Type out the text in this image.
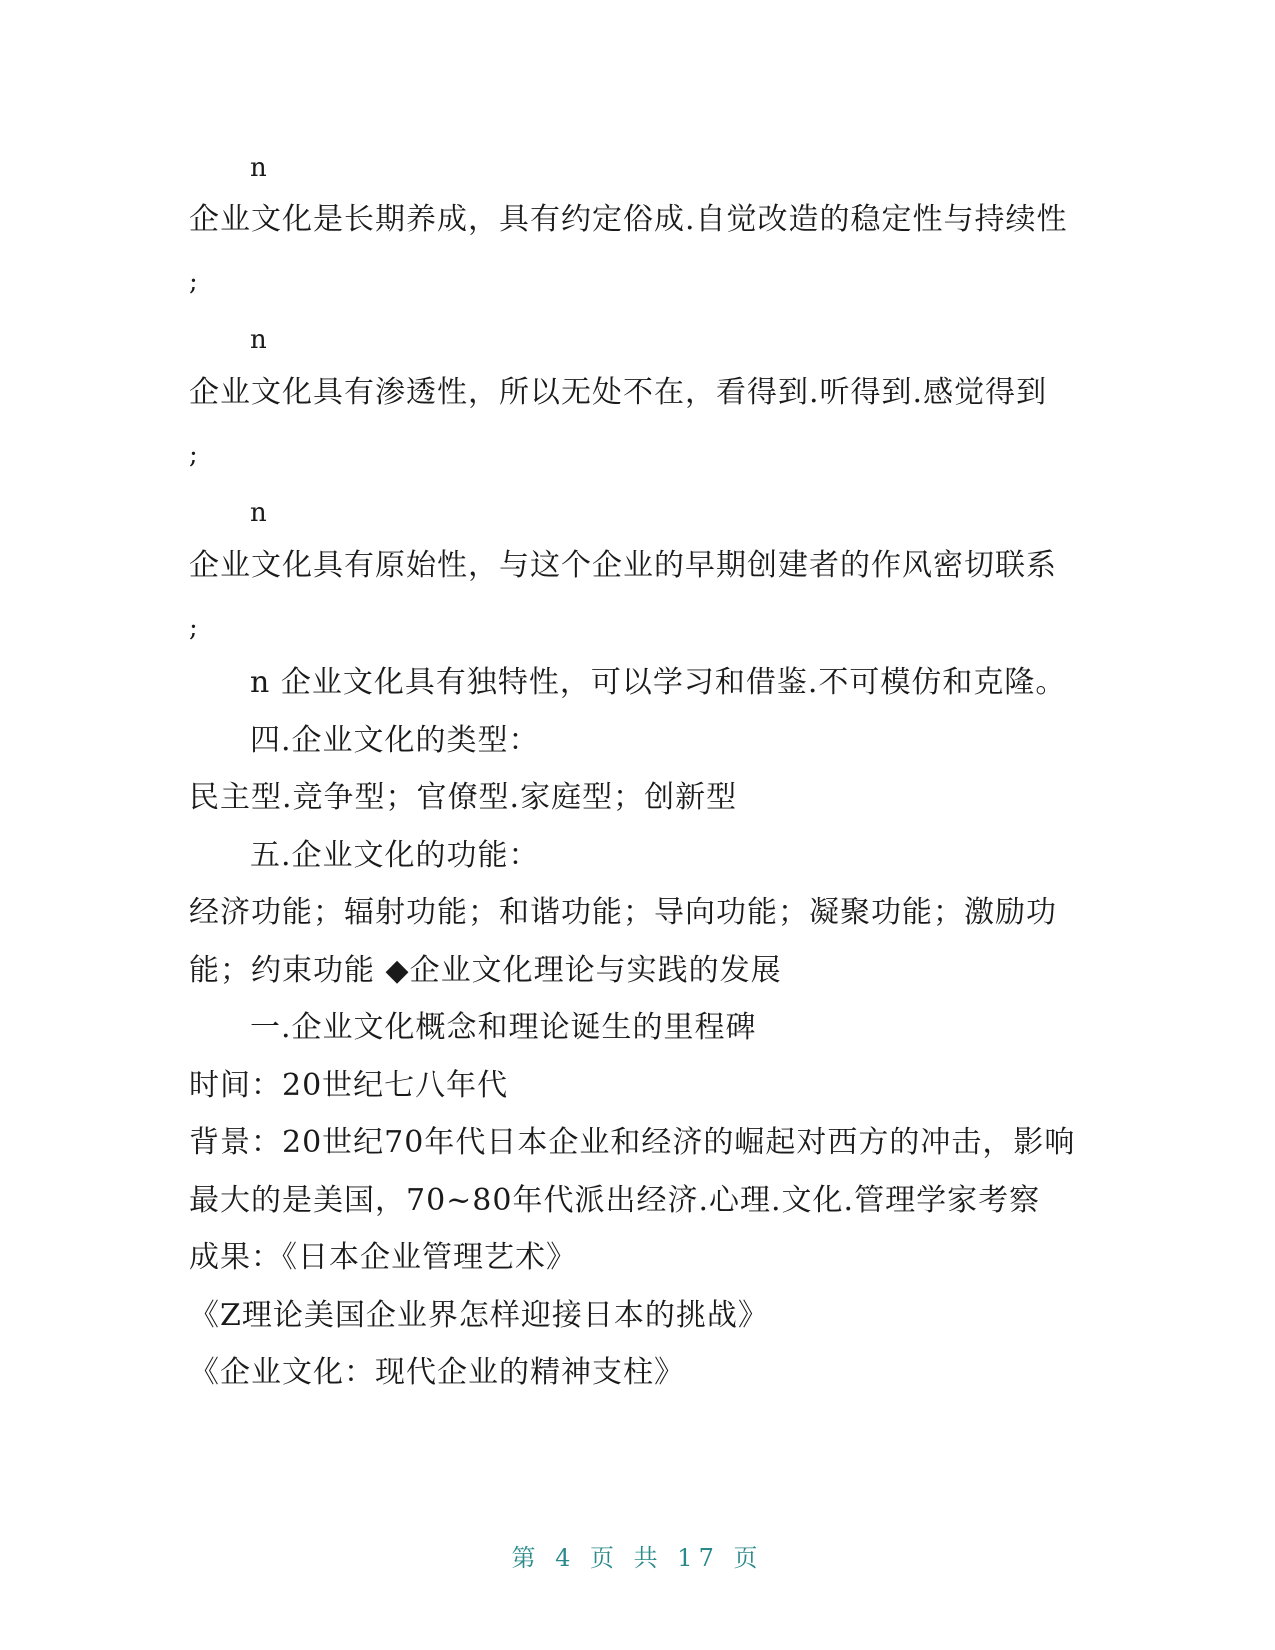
n
企业文化是长期养成，具有约定俗成.自觉改造的稳定性与持续性
;
n
企业文化具有渗透性，所以无处不在，看得到.听得到.感觉得到
;
n
企业文化具有原始性，与这个企业的早期创建者的作风密切联系
;
n 企业文化具有独特性，可以学习和借鉴.不可模仿和克隆。
四.企业文化的类型：
民主型.竞争型；官僚型.家庭型；创新型
五.企业文化的功能：
经济功能；辐射功能；和谐功能；导向功能；凝聚功能；激励功
能；约束功能 ◆企业文化理论与实践的发展
一.企业文化概念和理论诞生的里程碑
时间：20世纪七八年代
背景：20世纪70年代日本企业和经济的崛起对西方的冲击，影响
最大的是美国，70~80年代派出经济.心理.文化.管理学家考察
成果：《日本企业管理艺术》
《Z理论美国企业界怎样迎接日本的挑战》
《企业文化：现代企业的精神支柱》
第 4 页 共 17 页
